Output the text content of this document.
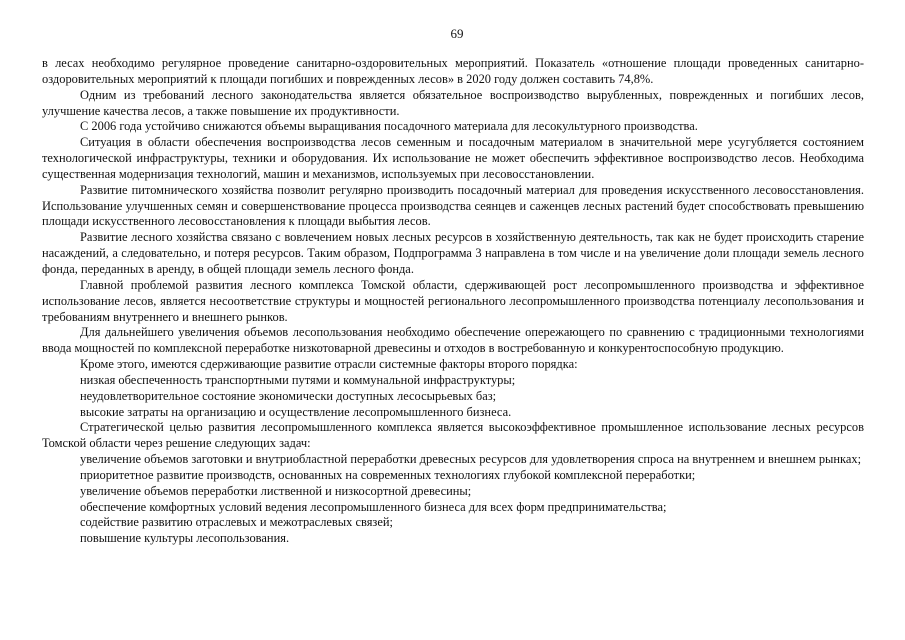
69

в лесах необходимо регулярное проведение санитарно-оздоровительных мероприятий. Показатель «отношение площади проведенных санитарно-оздоровительных мероприятий к площади погибших и поврежденных лесов» в 2020 году должен составить 74,8%.

Одним из требований лесного законодательства является обязательное воспроизводство вырубленных, поврежденных и погибших лесов, улучшение качества лесов, а также повышение их продуктивности.

С 2006 года устойчиво снижаются объемы выращивания посадочного материала для лесокультурного производства.

Ситуация в области обеспечения воспроизводства лесов семенным и посадочным материалом в значительной мере усугубляется состоянием технологической инфраструктуры, техники и оборудования. Их использование не может обеспечить эффективное воспроизводство лесов. Необходима существенная модернизация технологий, машин и механизмов, используемых при лесовосстановлении.

Развитие питомнического хозяйства позволит регулярно производить посадочный материал для проведения искусственного лесовосстановления. Использование улучшенных семян и совершенствование процесса производства сеянцев и саженцев лесных растений будет способствовать превышению площади искусственного лесовосстановления к площади выбытия лесов.

Развитие лесного хозяйства связано с вовлечением новых лесных ресурсов в хозяйственную деятельность, так как не будет происходить старение насаждений, а следовательно, и потеря ресурсов. Таким образом, Подпрограмма 3 направлена в том числе и на увеличение доли площади земель лесного фонда, переданных в аренду, в общей площади земель лесного фонда.

Главной проблемой развития лесного комплекса Томской области, сдерживающей рост лесопромышленного производства и эффективное использование лесов, является несоответствие структуры и мощностей регионального лесопромышленного производства потенциалу лесопользования и требованиям внутреннего и внешнего рынков.

Для дальнейшего увеличения объемов лесопользования необходимо обеспечение опережающего по сравнению с традиционными технологиями ввода мощностей по комплексной переработке низкотоварной древесины и отходов в востребованную и конкурентоспособную продукцию.

Кроме этого, имеются сдерживающие развитие отрасли системные факторы второго порядка:

низкая обеспеченность транспортными путями и коммунальной инфраструктуры;

неудовлетворительное состояние экономически доступных лесосырьевых баз;

высокие затраты на организацию и осуществление лесопромышленного бизнеса.

Стратегической целью развития лесопромышленного комплекса является высокоэффективное промышленное использование лесных ресурсов Томской области через решение следующих задач:

увеличение объемов заготовки и внутриобластной переработки древесных ресурсов для удовлетворения спроса на внутреннем и внешнем рынках;

приоритетное развитие производств, основанных на современных технологиях глубокой комплексной переработки;

увеличение объемов переработки лиственной и низкосортной древесины;

обеспечение комфортных условий ведения лесопромышленного бизнеса для всех форм предпринимательства;

содействие развитию отраслевых и межотраслевых связей;

повышение культуры лесопользования.
